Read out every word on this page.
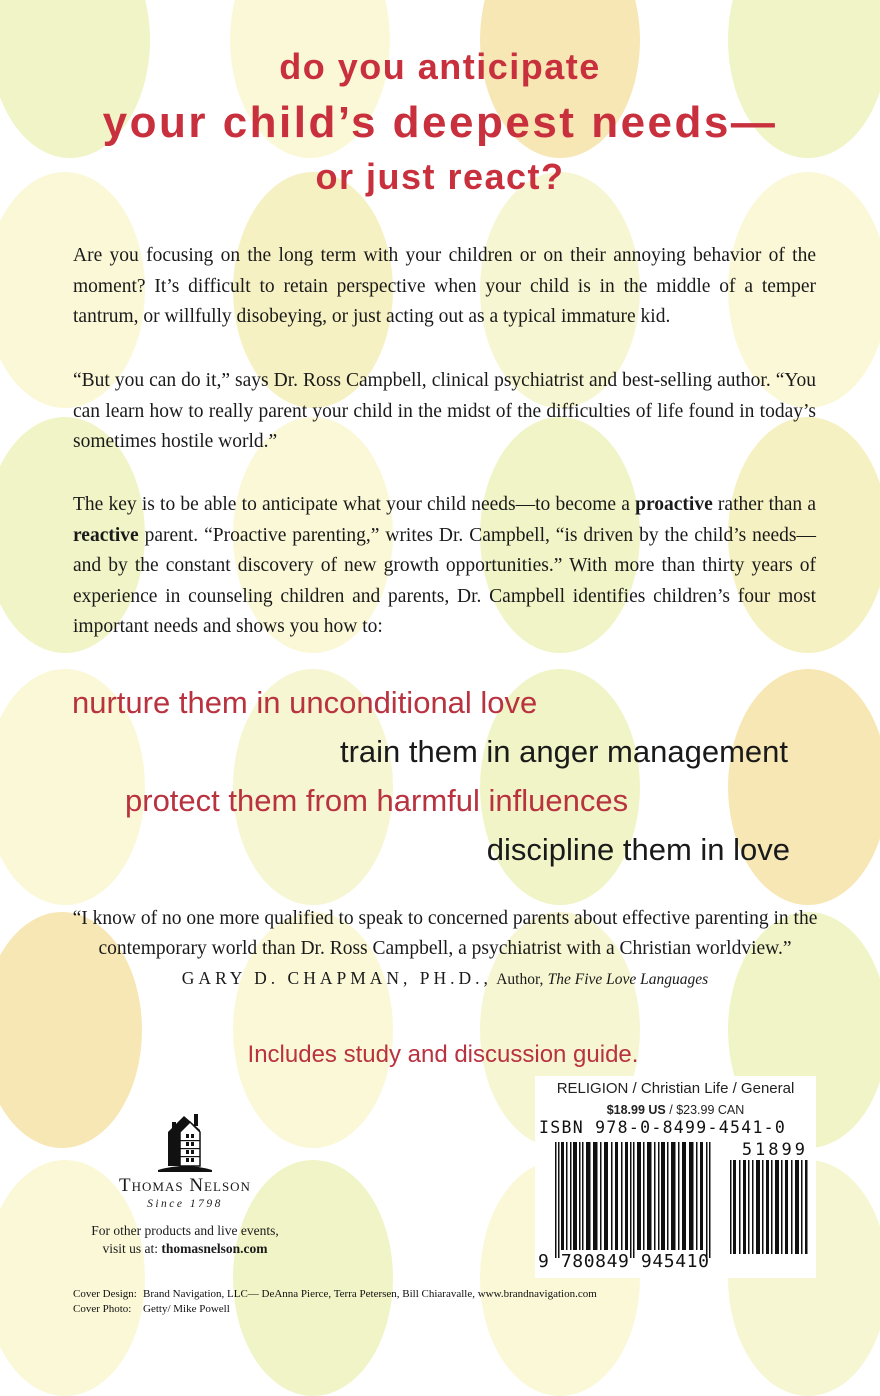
do you anticipate
your child’s deepest needs—
or just react?

Are you focusing on the long term with your children or on their annoying behavior of the moment? It’s difficult to retain perspective when your child is in the middle of a temper tantrum, or willfully disobeying, or just acting out as a typical immature kid.

“But you can do it,” says Dr. Ross Campbell, clinical psychiatrist and best-selling author. “You can learn how to really parent your child in the midst of the difficulties of life found in today’s sometimes hostile world.”

The key is to be able to anticipate what your child needs—to become a proactive rather than a reactive parent. “Proactive parenting,” writes Dr. Campbell, “is driven by the child’s needs—and by the constant discovery of new growth opportunities.” With more than thirty years of experience in counseling children and parents, Dr. Campbell identifies children’s four most important needs and shows you how to:

nurture them in unconditional love
train them in anger management
protect them from harmful influences
discipline them in love
“I know of no one more qualified to speak to concerned parents about effective parenting in the contemporary world than Dr. Ross Campbell, a psychiatrist with a Christian worldview.”
GARY D. CHAPMAN, PH.D., Author, The Five Love Languages
Includes study and discussion guide.
RELIGION / Christian Life / General
$18.99 US / $23.99 CAN
ISBN 978-0-8499-4541-0
51899
9 780849 945410
Thomas Nelson
Since 1798
For other products and live events,
visit us at: thomasnelson.com
Cover Design: Brand Navigation, LLC— DeAnna Pierce, Terra Petersen, Bill Chiaravalle, www.brandnavigation.com
Cover Photo: Getty/ Mike Powell
